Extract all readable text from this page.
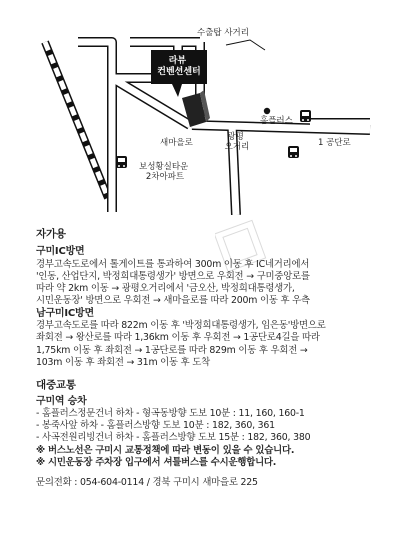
라뷰 컨벤션센터
수출탑 사거리
홈플러스
새마을로
광평 오거리	1 공단로
보성황실타운 2차아파트

자가용

구미IC방면

경부고속도로에서 톨게이트를 통과하여 300m 이동 후 IC네거리에서

'인동, 산업단지, 박정희대통령생가' 방면으로 우회전 → 구미중앙로를

따라 약 2km 이동 → 광평오거리에서 '금오산, 박정희대통령생가,

시민운동장' 방면으로 우회전 → 새마을로를 따라 200m 이동 후 우측

남구미IC방면

경부고속도로를 따라 822m 이동 후 '박정희대통령생가, 임은동'방면으로

좌회전 → 왕산로를 따라 1,36km 이동 후 우회전 → 1공단로4길을 따라

1,75km 이동 후 좌회전 → 1공단로를 따라 829m 이동 후 우회전 →

103m 이동 후 좌회전 → 31m 이동 후 도착

대중교통

구미역 승차

- 홈플러스정문건너 하차 - 형곡동방향 도보 10분 : 11, 160, 160-1

- 봉죽사앞 하차 - 홈플러스방향 도보 10분 : 182, 360, 361

- 사곡전원리빙건너 하차 - 홈플러스방향 도보 15분 : 182, 360, 380

※ 버스노선은 구미시 교통정책에 따라 변동이 있을 수 있습니다.

※ 시민운동장 주차장 입구에서 셔틀버스를 수시운행합니다.

문의전화 : 054-604-0114 / 경북 구미시 새마을로 225
